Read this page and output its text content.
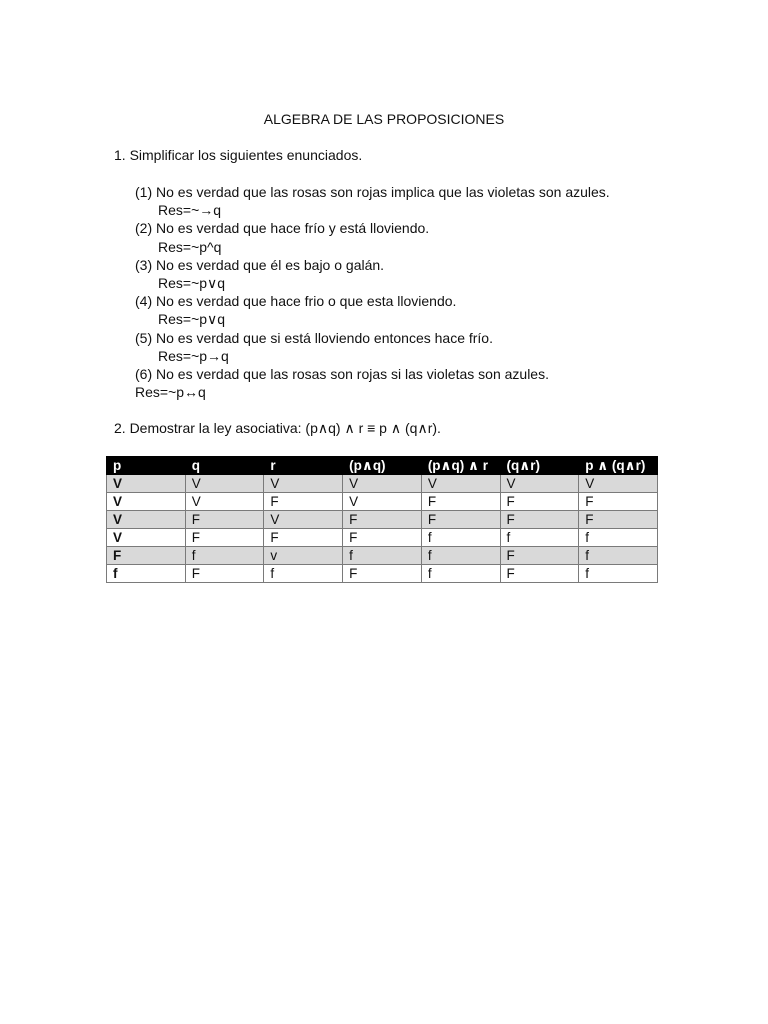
ALGEBRA DE LAS PROPOSICIONES
1. Simplificar los siguientes enunciados.
(1) No es verdad que las rosas son rojas implica que las violetas son azules.
Res=~→q
(2) No es verdad que hace frío y está lloviendo.
Res=~p^q
(3) No es verdad que él es bajo o galán.
Res=~p∨q
(4) No es verdad que hace frio o que esta lloviendo.
Res=~p∨q
(5) No es verdad que si está lloviendo entonces hace frío.
Res=~p→q
(6) No es verdad que las rosas son rojas si las violetas son azules.
Res=~p↔q
2. Demostrar la ley asociativa: (p∧q) ∧ r ≡ p ∧ (q∧r).
p	q	r	(p∧q)	(p∧q) ∧ r	(q∧r)	p ∧ (q∧r)
V	V	V	V	V	V	V
V	V	F	V	F	F	F
V	F	V	F	F	F	F
V	F	F	F	f	f	f
F	f	v	f	f	F	f
f	F	f	F	f	F	f
